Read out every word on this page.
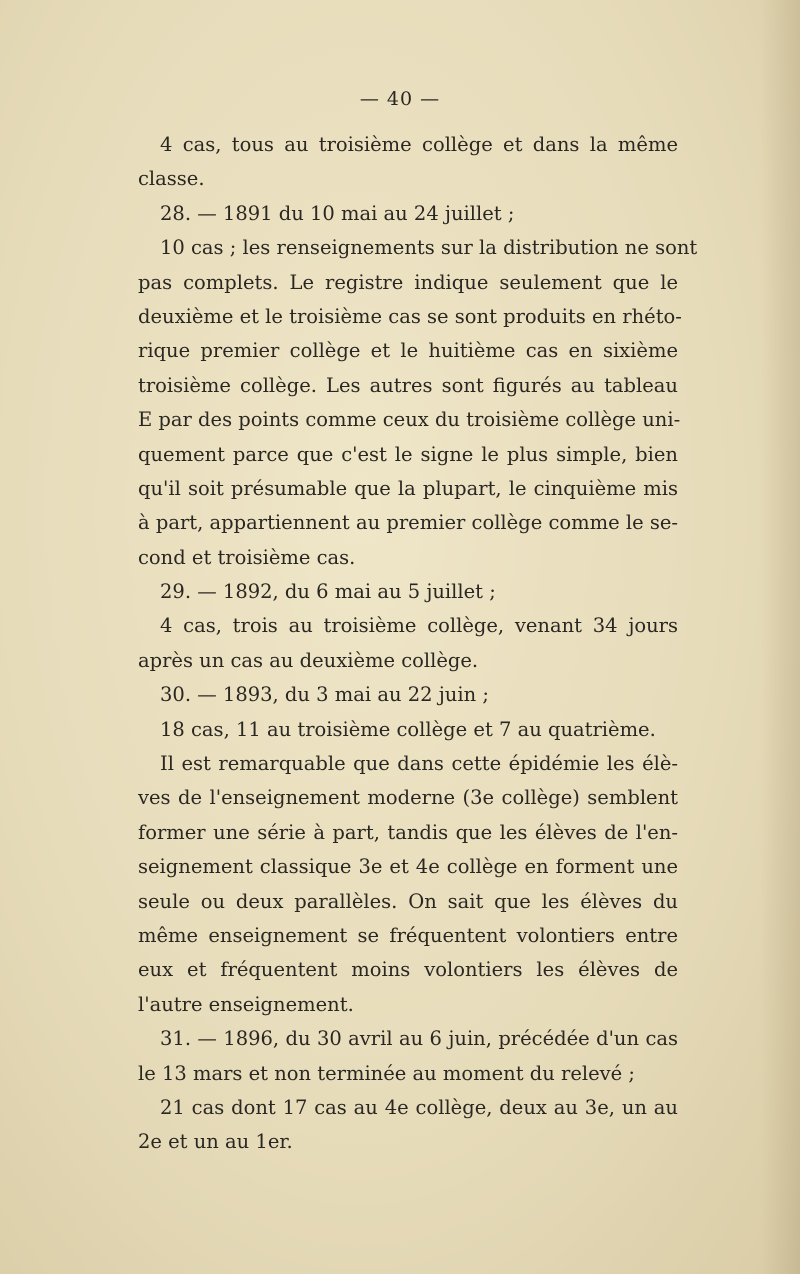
— 40 —
4 cas, tous au troisième collège et dans la même
classe.
28. — 1891 du 10 mai au 24 juillet ;
10 cas ; les renseignements sur la distribution ne sont
pas complets. Le registre indique seulement que le
deuxième et le troisième cas se sont produits en rhéto-
rique premier collège et le huitième cas en sixième
troisième collège. Les autres sont figurés au tableau
E par des points comme ceux du troisième collège uni-
quement parce que c'est le signe le plus simple, bien
qu'il soit présumable que la plupart, le cinquième mis
à part, appartiennent au premier collège comme le se-
cond et troisième cas.
29. — 1892, du 6 mai au 5 juillet ;
4 cas, trois au troisième collège, venant 34 jours
après un cas au deuxième collège.
30. — 1893, du 3 mai au 22 juin ;
18 cas, 11 au troisième collège et 7 au quatrième.
Il est remarquable que dans cette épidémie les élè-
ves de l'enseignement moderne (3e collège) semblent
former une série à part, tandis que les élèves de l'en-
seignement classique 3e et 4e collège en forment une
seule ou deux parallèles. On sait que les élèves du
même enseignement se fréquentent volontiers entre
eux et fréquentent moins volontiers les élèves de
l'autre enseignement.
31. — 1896, du 30 avril au 6 juin, précédée d'un cas
le 13 mars et non terminée au moment du relevé ;
21 cas dont 17 cas au 4e collège, deux au 3e, un au
2e et un au 1er.
